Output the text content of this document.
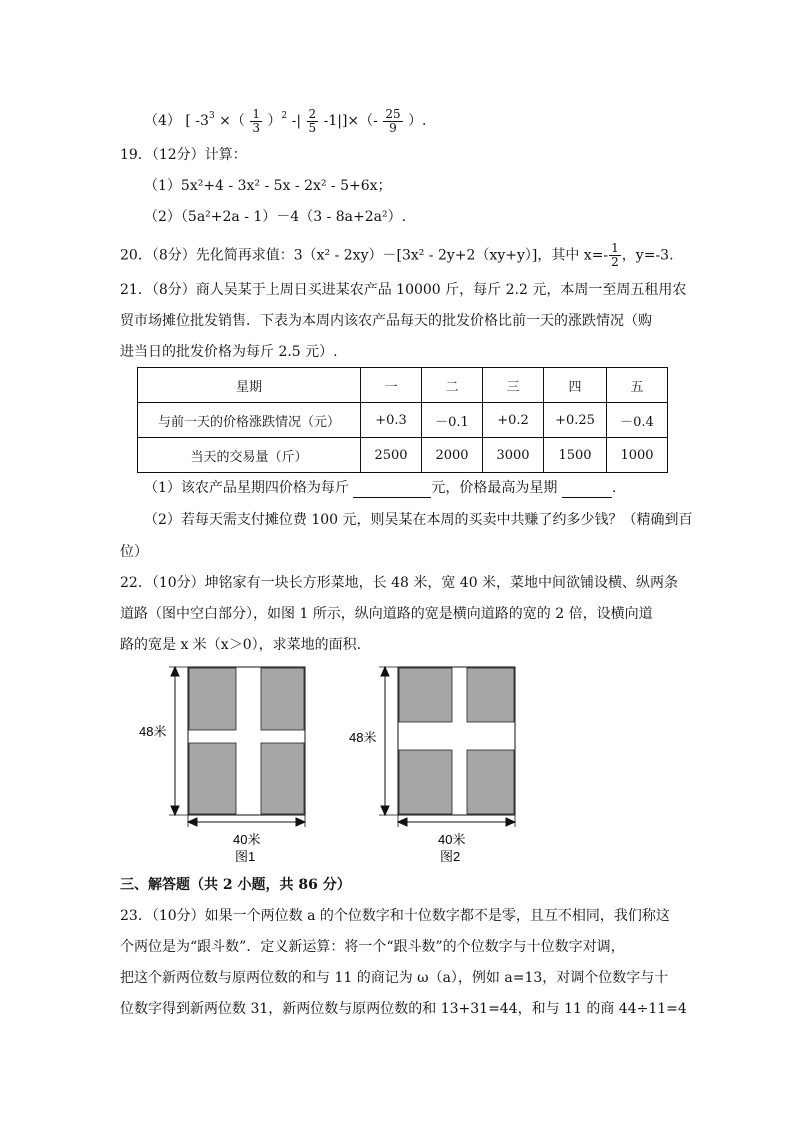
（4） [ $-3^3$ ×（ $\frac{1}{3} )^2$ -| $\frac{2}{5} -1|]\times(- \frac{25}{9}$ ）.
19．（12分）计算：
（1）5x²+4 - 3x² - 5x - 2x² - 5+6x；
（2）（5a²+2a - 1）－4（3 - 8a+2a²）.
20．（8分）先化简再求值：3（x² - 2xy）－[3x² - 2y+2（xy+y）]，其中 $x=- \frac{1}{2}$ ，y=-3.
21．（8分）商人吴某于上周日买进某农产品 10000 斤，每斤 2.2 元，本周一至周五租用农
贸市场摊位批发销售．下表为本周内该农产品每天的批发价格比前一天的涨跌情况（购
进当日的批发价格为每斤 2.5 元）.
星期	一	二	三	四	五
与前一天的价格涨跌情况（元）	+0.3	－0.1	+0.2	+0.25	－0.4
当天的交易量（斤）	2500	2000	3000	1500	1000
（1）该农产品星期四价格为每斤	元，价格最高为星期	.
（2）若每天需支付摊位费 100 元，则吴某在本周的买卖中共赚了约多少钱？（精确到百
位）
22．（10分）坤铭家有一块长方形菜地，长 48 米，宽 40 米，菜地中间欲铺设横、纵两条
道路（图中空白部分），如图 1 所示，纵向道路的宽是横向道路的宽的 2 倍，设横向道
路的宽是 x 米（x＞0），求菜地的面积.
48米
40米
图1
48米
40米
图2
三、解答题（共 2 小题，共 86 分）
23．（10分）如果一个两位数 a 的个位数字和十位数字都不是零，且互不相同，我们称这
个两位是为“跟斗数”．定义新运算：将一个“跟斗数”的个位数字与十位数字对调，
把这个新两位数与原两位数的和与 11 的商记为 ω（a），例如 a=13，对调个位数字与十
位数字得到新两位数 31，新两位数与原两位数的和 13+31=44，和与 11 的商 44÷11=4
